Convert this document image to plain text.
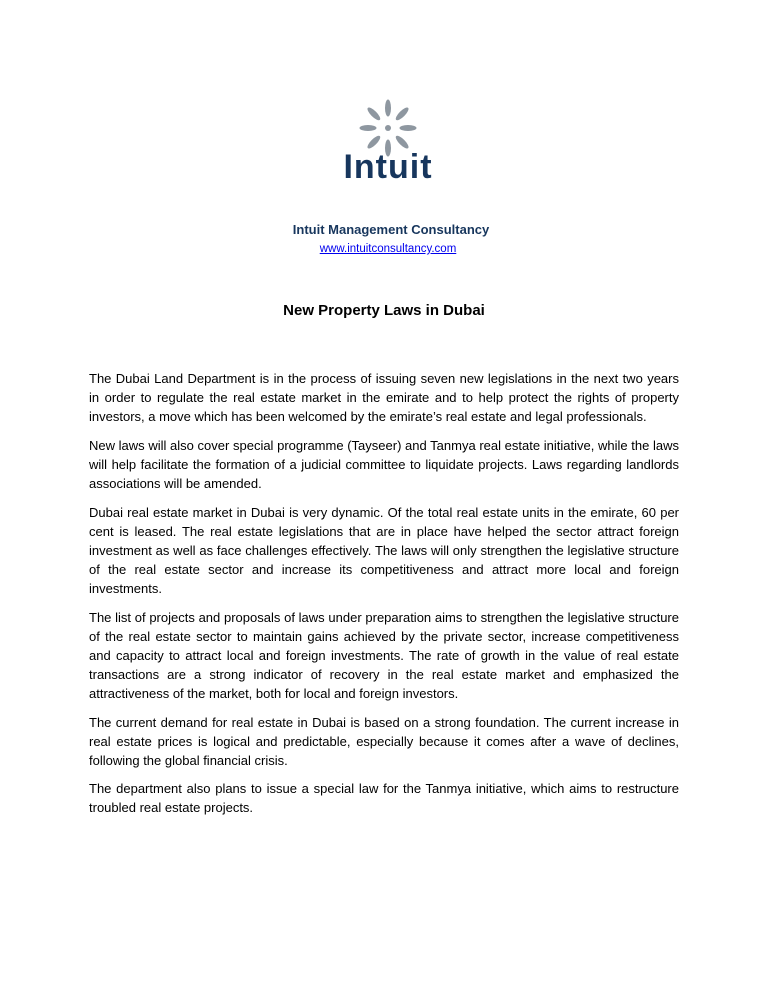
Intuit
Intuit Management Consultancy
www.intuitconsultancy.com
New Property Laws in Dubai

The Dubai Land Department is in the process of issuing seven new legislations in the next two years in order to regulate the real estate market in the emirate and to help protect the rights of property investors, a move which has been welcomed by the emirate’s real estate and legal professionals.

New laws will also cover special programme (Tayseer) and Tanmya real estate initiative, while the laws will help facilitate the formation of a judicial committee to liquidate projects. Laws regarding landlords associations will be amended.

Dubai real estate market in Dubai is very dynamic. Of the total real estate units in the emirate, 60 per cent is leased. The real estate legislations that are in place have helped the sector attract foreign investment as well as face challenges effectively. The laws will only strengthen the legislative structure of the real estate sector and increase its competitiveness and attract more local and foreign investments.

The list of projects and proposals of laws under preparation aims to strengthen the legislative structure of the real estate sector to maintain gains achieved by the private sector, increase competitiveness and capacity to attract local and foreign investments. The rate of growth in the value of real estate transactions are a strong indicator of recovery in the real estate market and emphasized the attractiveness of the market, both for local and foreign investors.

The current demand for real estate in Dubai is based on a strong foundation. The current increase in real estate prices is logical and predictable, especially because it comes after a wave of declines, following the global financial crisis.

The department also plans to issue a special law for the Tanmya initiative, which aims to restructure troubled real estate projects.
